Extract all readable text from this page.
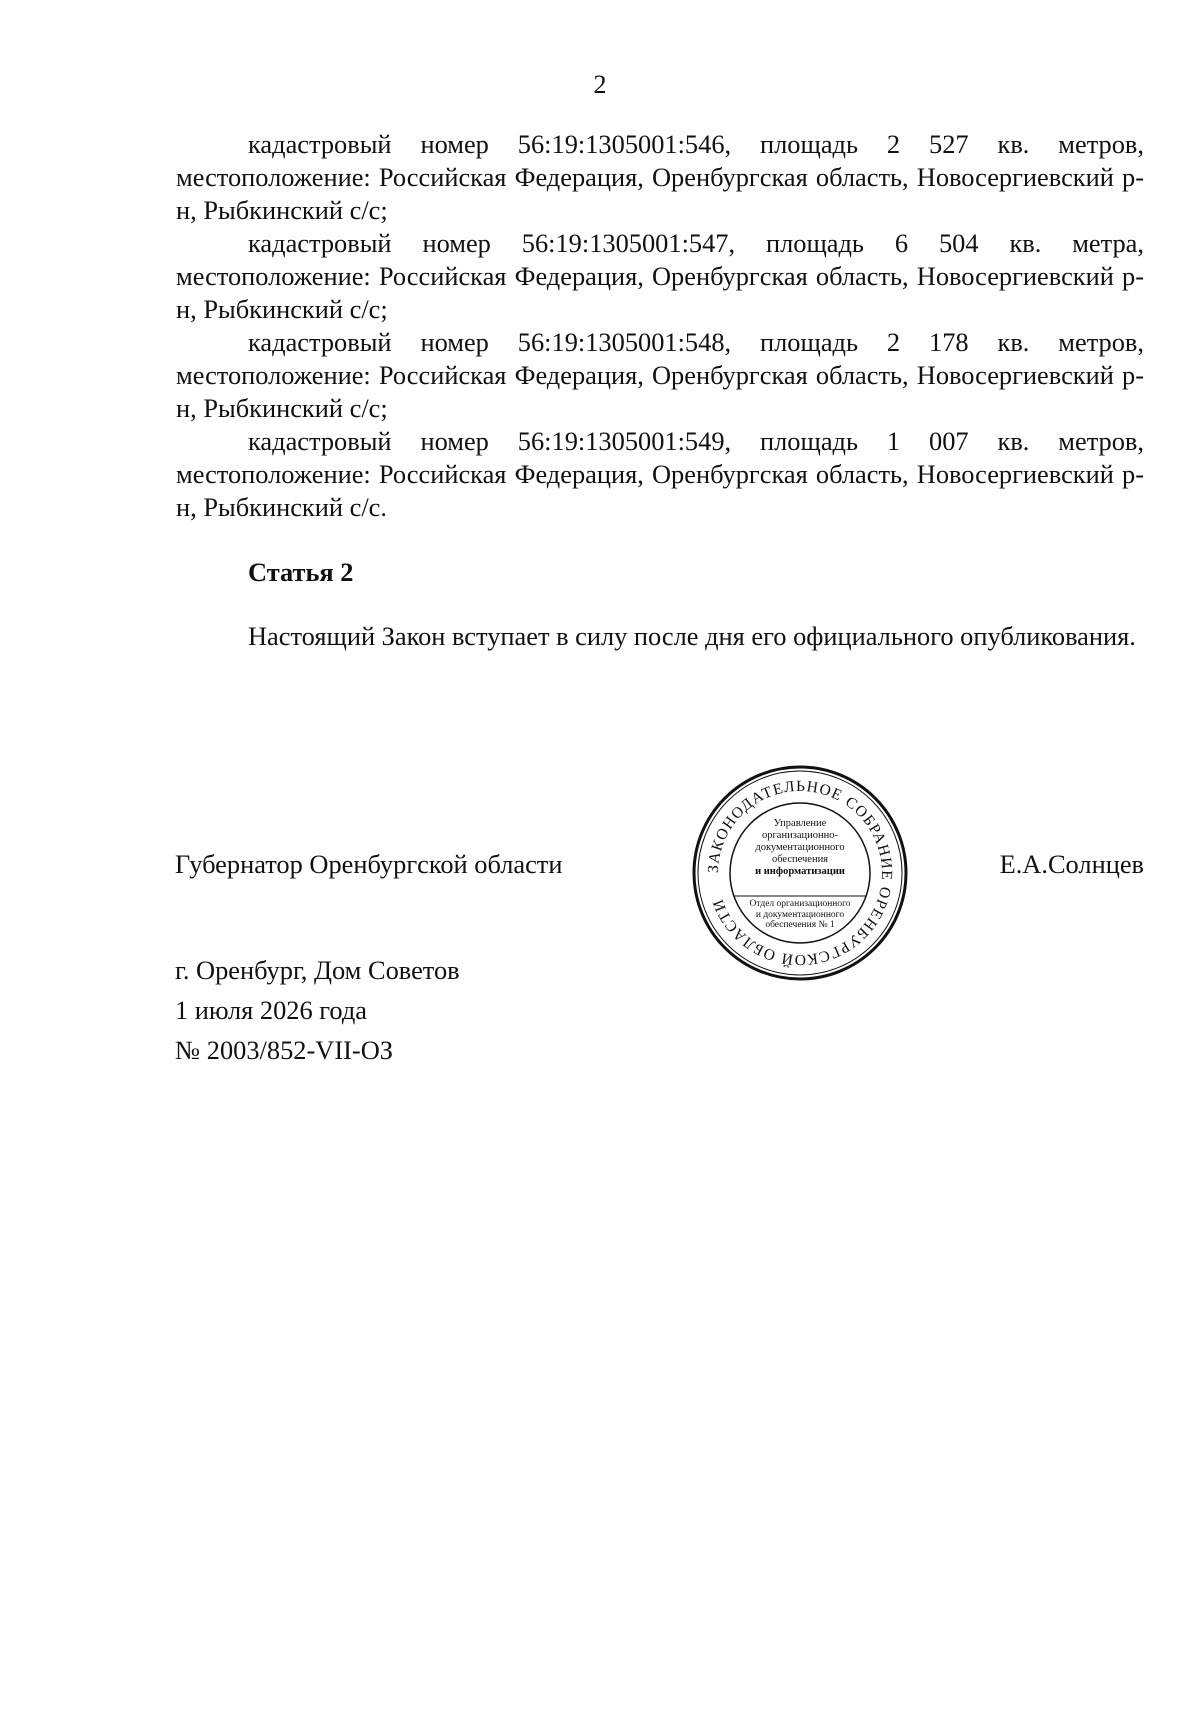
2

кадастровый номер 56:19:1305001:546, площадь 2 527 кв. метров, местоположение: Российская Федерация, Оренбургская область, Новосергиевский р-н, Рыбкинский с/с;

кадастровый номер 56:19:1305001:547, площадь 6 504 кв. метра, местоположение: Российская Федерация, Оренбургская область, Новосергиевский р-н, Рыбкинский с/с;

кадастровый номер 56:19:1305001:548, площадь 2 178 кв. метров, местоположение: Российская Федерация, Оренбургская область, Новосергиевский р-н, Рыбкинский с/с;

кадастровый номер 56:19:1305001:549, площадь 1 007 кв. метров, местоположение: Российская Федерация, Оренбургская область, Новосергиевский р-н, Рыбкинский с/с.

Статья 2

Настоящий Закон вступает в силу после дня его официального опубликования.

Губернатор Оренбургской области	ЗАКОНОДАТЕЛЬНОЕ СОБРАНИЕ ОРЕНБУРГСКОЙ ОБЛАСТИ
Управление
организационно-
документационного
обеспечения
и информатизации
Отдел организационного
и документационного
обеспечения № 1
Е.А.Солнцев
г. Оренбург, Дом Советов
1 июля 2026 года
№ 2003/852-VII-ОЗ
